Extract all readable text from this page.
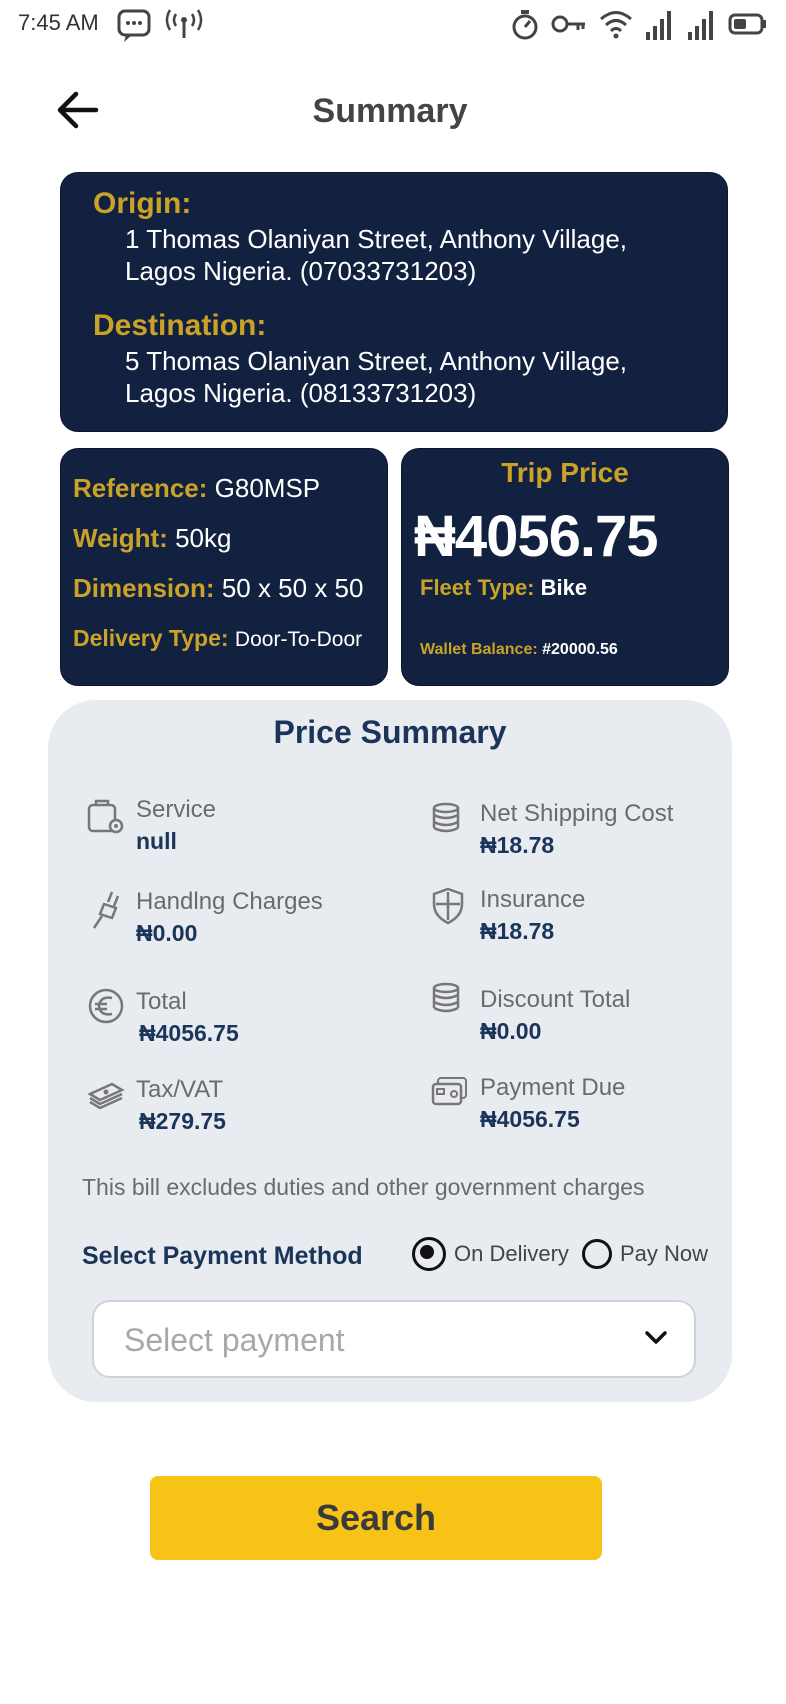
7:45 AM
Summary
Origin:
1 Thomas Olaniyan Street, Anthony Village, Lagos Nigeria. (07033731203)
Destination:
5 Thomas Olaniyan Street, Anthony Village, Lagos Nigeria. (08133731203)
Reference: G80MSP
Weight: 50kg
Dimension: 50 x 50 x 50
Delivery Type: Door-To-Door
Trip Price
₦4056.75
Fleet Type: Bike
Wallet Balance: #20000.56
Price Summary
Service
null
Net Shipping Cost
₦18.78
Handlng Charges
₦0.00
Insurance
₦18.78
Total
₦4056.75
Discount Total
₦0.00
Tax/VAT
₦279.75
Payment Due
₦4056.75
This bill excludes duties and other government charges
Select Payment Method	On Delivery Pay Now
Select payment
Search
